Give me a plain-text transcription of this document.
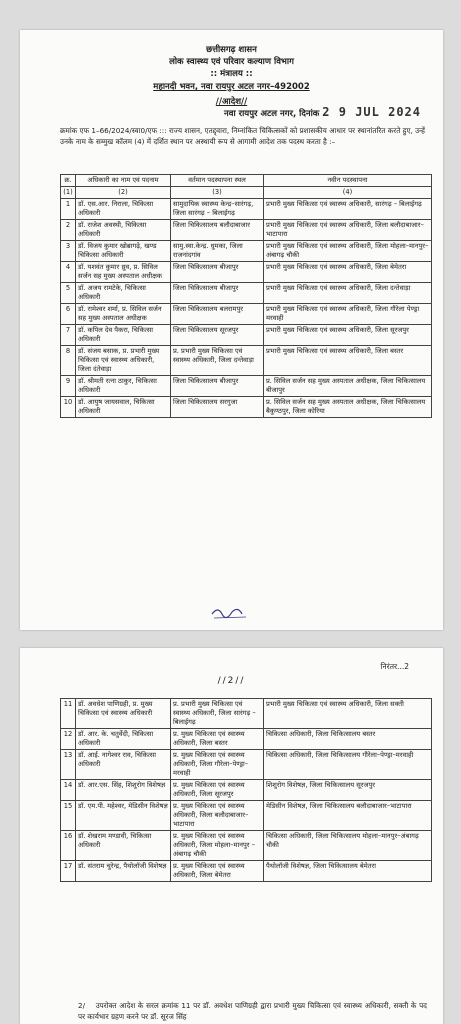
छत्तीसगढ़ शासन
लोक स्वास्थ्य एवं परिवार कल्याण विभाग
:: मंत्रालय ::
महानदी भवन, नवा रायपुर अटल नगर–492002
//आदेश//
नवा रायपुर अटल नगर, दिनांक 2 9 JUL 2024
क्रमांक एफ 1–66/2024/स्वा0/एफ ::: राज्य शासन, एतद्द्वारा, निम्नांकित चिकित्सकों को प्रशासकीय आधार पर स्थानांतरित करते हुए, उन्हें उनके नाम के सम्मुख कॉलम (4) में दर्शित स्थान पर अस्थायी रूप से आगामी आदेश तक पदस्थ करता है :–
क्र.	अधिकारी का नाम एवं पदनाम	वर्तमान पदस्थापना स्थल	नवीन पदस्थापना
(1)	(2)	(3)	(4)
1	डॉ. एस.आर. निराला, चिकित्सा अधिकारी	सामुदायिक स्वास्थ्य केन्द्र–सारंगढ़, जिला सारंगढ़ – बिलाईगढ़	प्रभारी मुख्य चिकित्सा एवं स्वास्थ्य अधिकारी, सारंगढ़ – बिलाईगढ़
2	डॉ. राजेश अवस्थी, चिकित्सा अधिकारी	जिला चिकित्सालय बलौदाबाजार	प्रभारी मुख्य चिकित्सा एवं स्वास्थ्य अधिकारी, जिला बलौदाबाजार–भाटापारा
3	डॉ. विजय कुमार खोब्रागढ़े, खण्ड चिकित्सा अधिकारी	सामु.स्वा.केन्द्र. धुमका, जिला राजनांदगांव	प्रभारी मुख्य चिकित्सा एवं स्वास्थ्य अधिकारी, जिला मोहला–मानपुर–अंबागढ़ चौकी
4	डॉ. यशवंत कुमार ध्रुव, प्र. सिविल सर्जन सह मुख्य अस्पताल अधीक्षक	जिला चिकित्सालय बीजापुर	प्रभारी मुख्य चिकित्सा एवं स्वास्थ्य अधिकारी, जिला बेमेतरा
5	डॉ. अजय रामटेके, चिकित्सा अधिकारी	जिला चिकित्सालय बीजापुर	प्रभारी मुख्य चिकित्सा एवं स्वास्थ्य अधिकारी, जिला दन्तेवाड़ा
6	डॉ. रामेश्वर शर्मा, प्र. सिविल सर्जन सह मुख्य अस्पताल अधीक्षक	जिला चिकित्सालय बलरामपुर	प्रभारी मुख्य चिकित्सा एवं स्वास्थ्य अधिकारी, जिला गौरेला पेण्ड्रा मरवाही
7	डॉ. कपिल देव पैकरा, चिकित्सा अधिकारी	जिला चिकित्सालय सूरजपुर	प्रभारी मुख्य चिकित्सा एवं स्वास्थ्य अधिकारी, जिला सूरजपुर
8	डॉ. संजय बसाक, प्र. प्रभारी मुख्य चिकित्सा एवं स्वास्थ्य अधिकारी, जिला दंतेवाड़ा	प्र. प्रभारी मुख्य चिकित्सा एवं स्वास्थ्य अधिकारी, जिला दन्तेवाड़ा	प्रभारी मुख्य चिकित्सा एवं स्वास्थ्य अधिकारी, जिला बस्तर
9	डॉ. श्रीमती रत्ना ठाकुर, चिकित्सा अधिकारी	जिला चिकित्सालय बीजापुर	प्र. सिविल सर्जन सह मुख्य अस्पताल अधीक्षक, जिला चिकित्सालय बीजापुर
10	डॉ. आयुष जायसवाल, चिकित्सा अधिकारी	जिला चिकित्सालय सरगुजा	प्र. सिविल सर्जन सह मुख्य अस्पताल अधीक्षक, जिला चिकित्सालय बैकुण्ठपुर, जिला कोरिया
निरंतर...2
//2//
11	डॉ. अवधेश पाणिग्रही, प्र. मुख्य चिकित्सा एवं स्वास्थ्य अधिकारी	प्र. प्रभारी मुख्य चिकित्सा एवं स्वास्थ्य अधिकारी, जिला सारंगढ़ – बिलाईगढ़	प्रभारी मुख्य चिकित्सा एवं स्वास्थ्य अधिकारी, जिला सक्ती
12	डॉ. आर. के. चतुर्वेदी, चिकित्सा अधिकारी	प्र. मुख्य चिकित्सा एवं स्वास्थ्य अधिकारी, जिला बस्तर	चिकित्सा अधिकारी, जिला चिकित्सालय बस्तर
13	डॉ. आई. नागेश्वर राव, चिकित्सा अधिकारी	प्र. मुख्य चिकित्सा एवं स्वास्थ्य अधिकारी, जिला गौरेला–पेण्ड्रा–मरवाही	चिकित्सा अधिकारी, जिला चिकित्सालय गौरेला–पेण्ड्रा–मरवाही
14	डॉ. आर.एस. सिंह, शिशुरोग विशेषज्ञ	प्र. मुख्य चिकित्सा एवं स्वास्थ्य अधिकारी, जिला सूरजपुर	शिशुरोग विशेषज्ञ, जिला चिकित्सालय सूरजपुर
15	डॉ. एम.पी. महेश्वर, मेडिसीन विशेषज्ञ	प्र. मुख्य चिकित्सा एवं स्वास्थ्य अधिकारी, जिला बलौदाबाजार–भाटापारा	मेडिसीन विशेषज्ञ, जिला चिकित्सालय बलौदाबाजार–भाटापारा
16	डॉ. शेखराम मण्डावी, चिकित्सा अधिकारी	प्र. मुख्य चिकित्सा एवं स्वास्थ्य अधिकारी, जिला मोहला–मानपुर – अंबागढ़ चौकी	चिकित्सा अधिकारी, जिला चिकित्सालय मोहला–मानपुर–अंबागढ़ चौकी
17	डॉ. संतराम चुरेन्द्र, पैथोलॉजी विशेषज्ञ	प्र. मुख्य चिकित्सा एवं स्वास्थ्य अधिकारी, जिला बेमेतरा	पैथोलॉजी विशेषज्ञ, जिला चिकित्सालय बेमेतरा
2/ उपरोक्त आदेश के सरल क्रमांक 11 पर डॉ. अवधेश पाणिग्रही द्वारा प्रभारी मुख्य चिकित्सा एवं स्वास्थ्य अधिकारी, सक्ती के पद पर कार्यभार ग्रहण करने पर डॉ. सूरज सिंह
